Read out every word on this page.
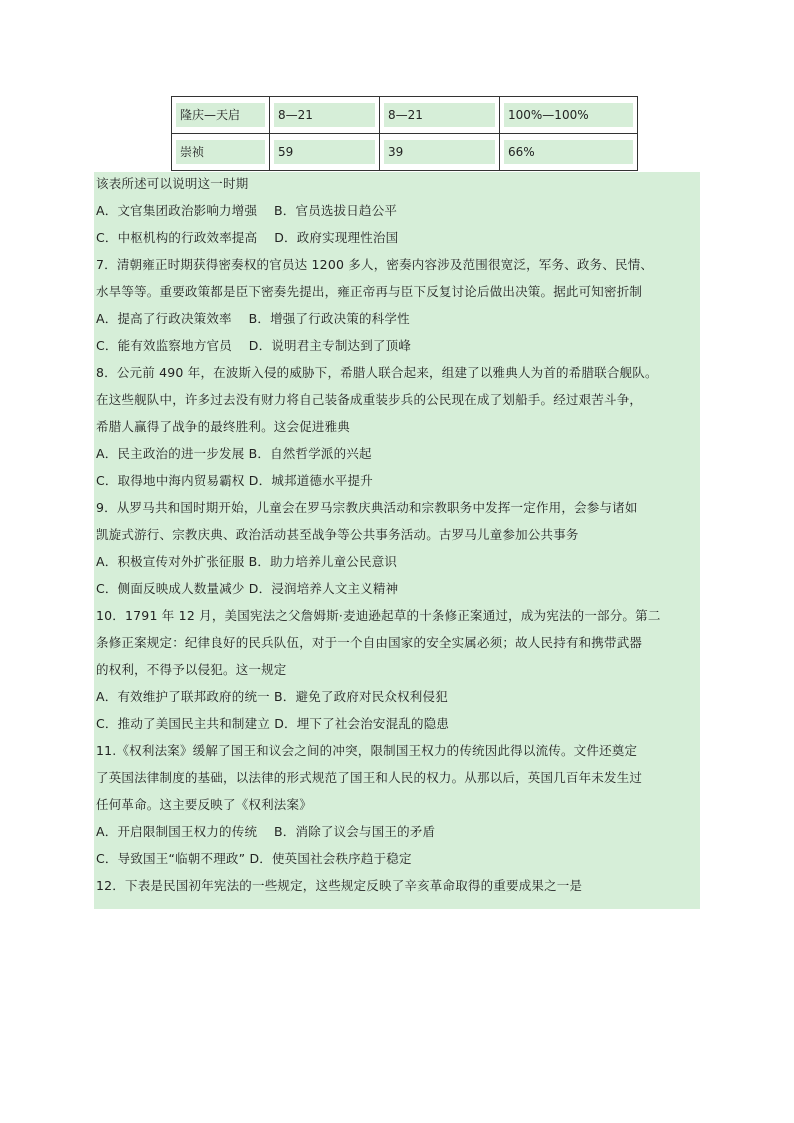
隆庆—天启	8—21	8—21	100%—100%

崇祯	59	39	66%
该表所述可以说明这一时期
A．文官集团政治影响力增强　 B．官员选拔日趋公平
C．中枢机构的行政效率提高　 D．政府实现理性治国
7．清朝雍正时期获得密奏权的官员达 1200 多人，密奏内容涉及范围很宽泛，军务、政务、民情、
水旱等等。重要政策都是臣下密奏先提出，雍正帝再与臣下反复讨论后做出决策。据此可知密折制
A．提高了行政决策效率　 B．增强了行政决策的科学性
C．能有效监察地方官员　 D．说明君主专制达到了顶峰
8．公元前 490 年，在波斯入侵的威胁下，希腊人联合起来，组建了以雅典人为首的希腊联合舰队。
在这些舰队中，许多过去没有财力将自己装备成重装步兵的公民现在成了划船手。经过艰苦斗争，
希腊人赢得了战争的最终胜利。这会促进雅典
A．民主政治的进一步发展 B．自然哲学派的兴起
C．取得地中海内贸易霸权 D．城邦道德水平提升
9．从罗马共和国时期开始，儿童会在罗马宗教庆典活动和宗教职务中发挥一定作用，会参与诸如
凯旋式游行、宗教庆典、政治活动甚至战争等公共事务活动。古罗马儿童参加公共事务
A．积极宣传对外扩张征服 B．助力培养儿童公民意识
C．侧面反映成人数量减少 D．浸润培养人文主义精神
10．1791 年 12 月，美国宪法之父詹姆斯·麦迪逊起草的十条修正案通过，成为宪法的一部分。第二
条修正案规定：纪律良好的民兵队伍，对于一个自由国家的安全实属必须；故人民持有和携带武器
的权利，不得予以侵犯。这一规定
A．有效维护了联邦政府的统一 B．避免了政府对民众权利侵犯
C．推动了美国民主共和制建立 D．埋下了社会治安混乱的隐患
11.《权利法案》缓解了国王和议会之间的冲突，限制国王权力的传统因此得以流传。文件还奠定
了英国法律制度的基础，以法律的形式规范了国王和人民的权力。从那以后，英国几百年未发生过
任何革命。这主要反映了《权利法案》
A．开启限制国王权力的传统　 B．消除了议会与国王的矛盾
C．导致国王“临朝不理政” D．使英国社会秩序趋于稳定
12．下表是民国初年宪法的一些规定，这些规定反映了辛亥革命取得的重要成果之一是
